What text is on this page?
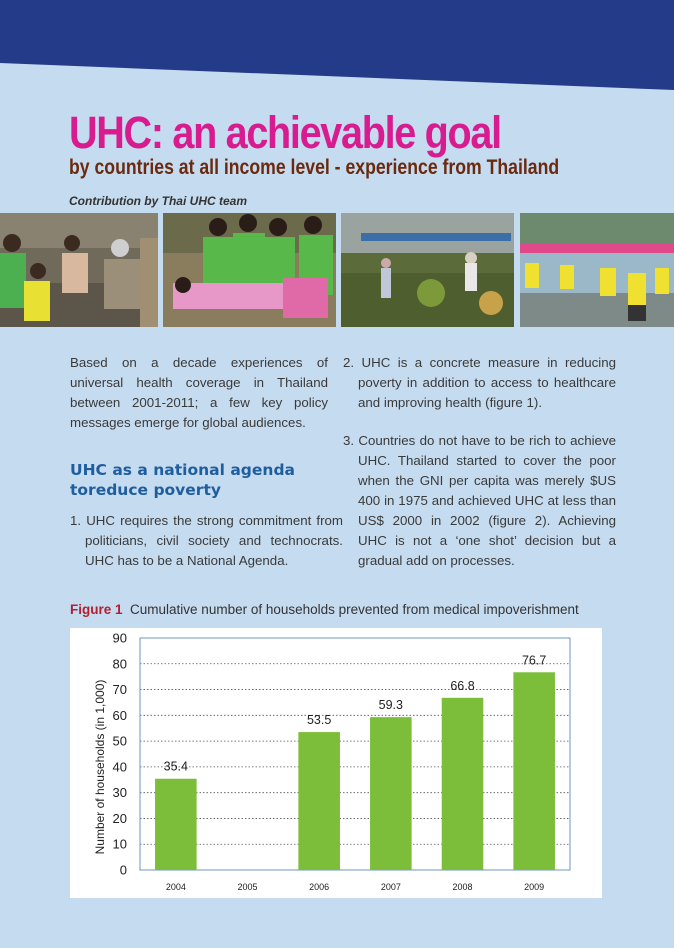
UHC: an achievable goal
by countries at all income level - experience from Thailand
Contribution by Thai UHC team

Based on a decade experiences of universal health coverage in Thailand between 2001-2011; a few key policy messages emerge for global audiences.

UHC as a national agenda toreduce poverty

1. UHC requires the strong commitment from politicians, civil society and technocrats. UHC has to be a National Agenda.

2. UHC is a concrete measure in reducing poverty in addition to access to healthcare and improving health (figure 1).

3. Countries do not have to be rich to achieve UHC. Thailand started to cover the poor when the GNI per capita was merely $US 400 in 1975 and achieved UHC at less than US$ 2000 in 2002 (figure 2). Achieving UHC is not a ‘one shot’ decision but a gradual add on processes.

Figure 1 Cumulative number of households prevented from medical impoverishment
0
10
20
30
40
50
60
70
80
90
2004	2005	2006	2007	2008	2009
35.4
53.5
59.3
66.8
76.7
Number of households (in 1,000)
